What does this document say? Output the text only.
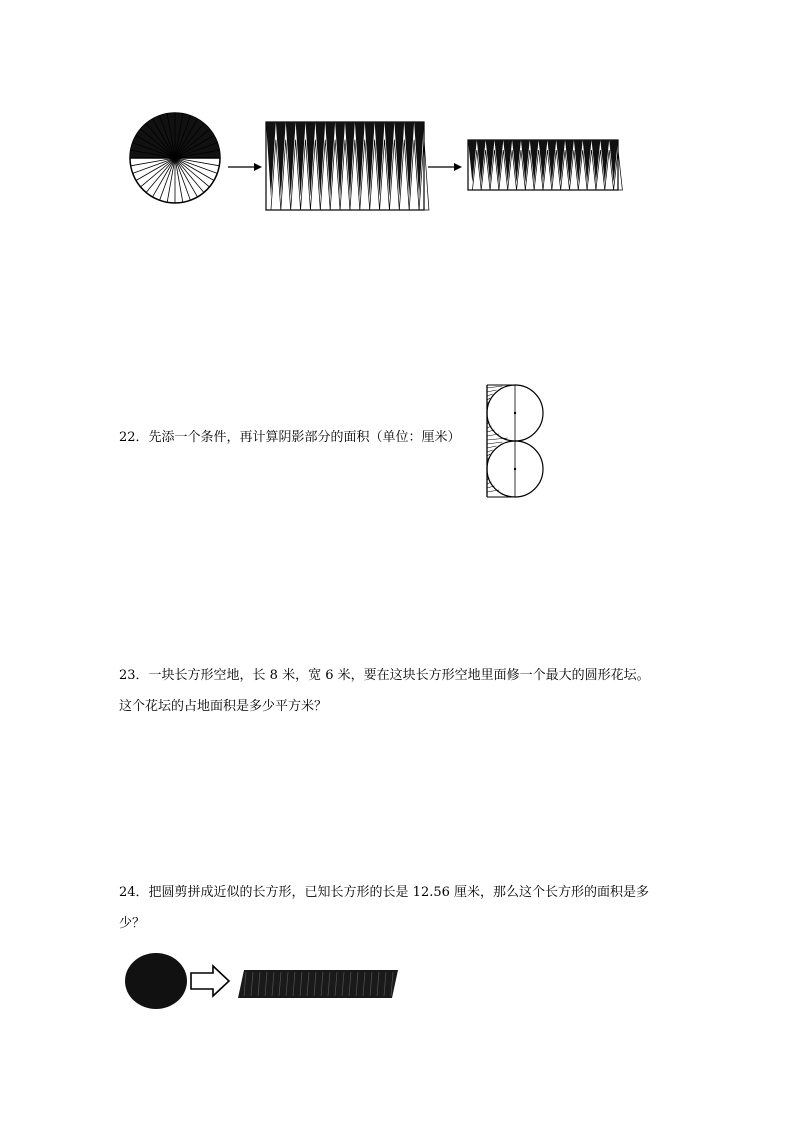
22．先添一个条件，再计算阴影部分的面积（单位：厘米）
23．一块长方形空地，长 8 米，宽 6 米，要在这块长方形空地里面修一个最大的圆形花坛。
这个花坛的占地面积是多少平方米？
24．把圆剪拼成近似的长方形，已知长方形的长是 12.56 厘米，那么这个长方形的面积是多
少？
